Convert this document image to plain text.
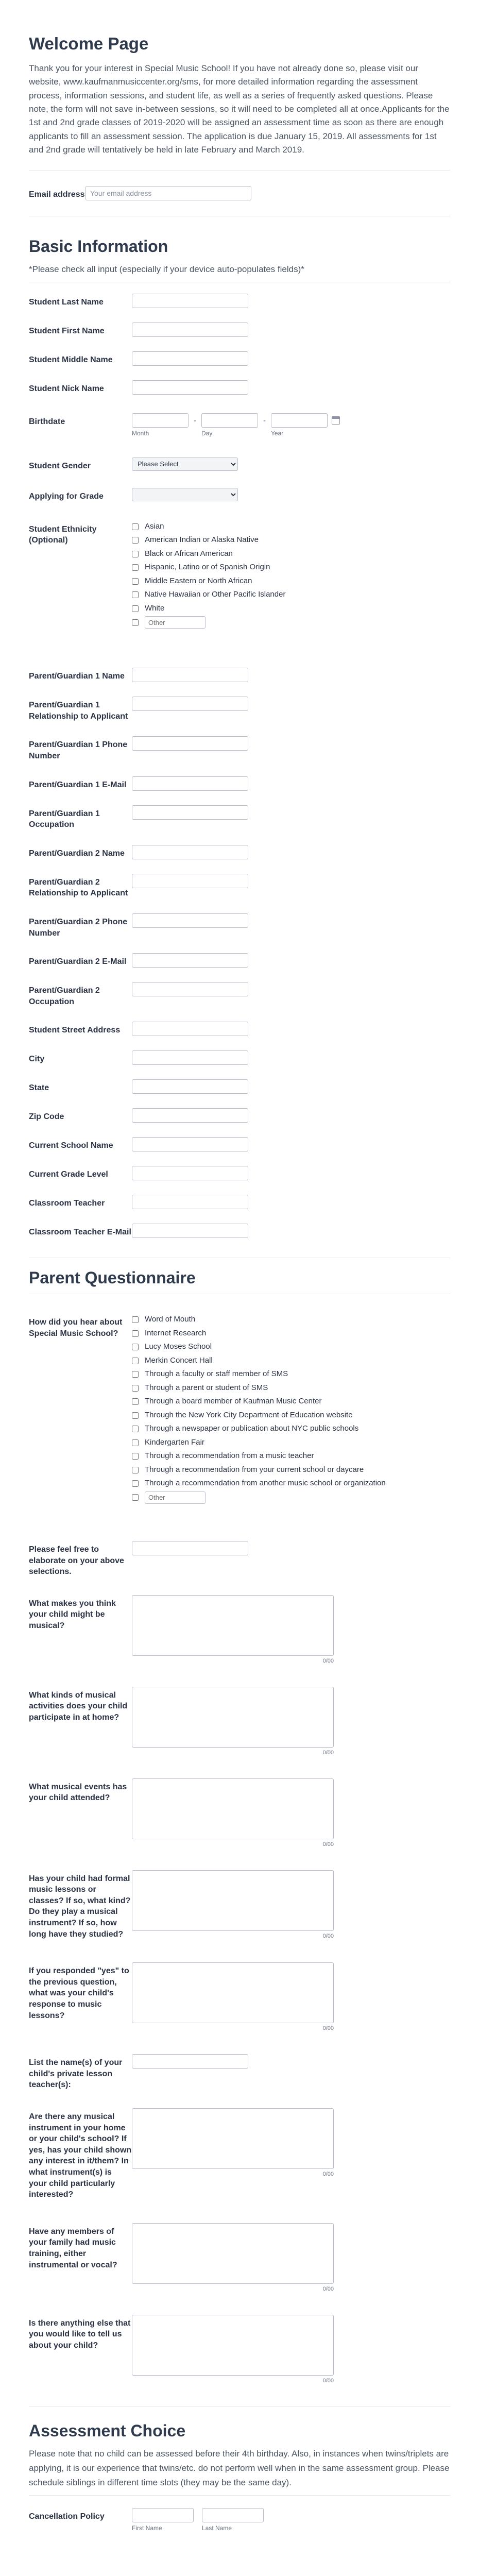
Welcome Page

Thank you for your interest in Special Music School! If you have not already done so, please visit our website, www.kaufmanmusiccenter.org/sms, for more detailed information regarding the assessment process, information sessions, and student life, as well as a series of frequently asked questions. Please note, the form will not save in-between sessions, so it will need to be completed all at once.Applicants for the 1st and 2nd grade classes of 2019-2020 will be assigned an assessment time as soon as there are enough applicants to fill an assessment session. The application is due January 15, 2019. All assessments for 1st and 2nd grade will tentatively be held in late February and March 2019.

Email address
Your email address
Basic Information

*Please check all input (especially if your device auto-populates fields)*

Student Last Name
Student First Name
Student Middle Name
Student Nick Name
Birthdate
Month
-
Day
-
Year
Student Gender
Please Select
Applying for Grade
Student Ethnicity (Optional)
Asian
American Indian or Alaska Native
Black or African American
Hispanic, Latino or of Spanish Origin
Middle Eastern or North African
Native Hawaiian or Other Pacific Islander
White
Other
Parent/Guardian 1 Name
Parent/Guardian 1 Relationship to Applicant
Parent/Guardian 1 Phone Number
Parent/Guardian 1 E-Mail
Parent/Guardian 1 Occupation
Parent/Guardian 2 Name
Parent/Guardian 2 Relationship to Applicant
Parent/Guardian 2 Phone Number
Parent/Guardian 2 E-Mail
Parent/Guardian 2 Occupation
Student Street Address
City
State
Zip Code
Current School Name
Current Grade Level
Classroom Teacher
Classroom Teacher E-Mail
Parent Questionnaire
How did you hear about Special Music School?
Word of Mouth
Internet Research
Lucy Moses School
Merkin Concert Hall
Through a faculty or staff member of SMS
Through a parent or student of SMS
Through a board member of Kaufman Music Center
Through the New York City Department of Education website
Through a newspaper or publication about NYC public schools
Kindergarten Fair
Through a recommendation from a music teacher
Through a recommendation from your current school or daycare
Through a recommendation from another music school or organization
Other
Please feel free to elaborate on your above selections.
What makes you think your child might be musical?
0/00
What kinds of musical activities does your child participate in at home?
0/00
What musical events has your child attended?
0/00
Has your child had formal music lessons or classes? If so, what kind? Do they play a musical instrument? If so, how long have they studied?	0/00
If you responded "yes" to the previous question, what was your child's response to music lessons?
0/00
List the name(s) of your child's private lesson teacher(s):
Are there any musical instrument in your home or your child's school? If yes, has your child shown any interest in it/them? In what instrument(s) is your child particularly interested?
0/00
Have any members of your family had music training, either instrumental or vocal?
0/00
Is there anything else that you would like to tell us about your child?
0/00
Assessment Choice

Please note that no child can be assessed before their 4th birthday. Also, in instances when twins/triplets are applying, it is our experience that twins/etc. do not perform well when in the same assessment group. Please schedule siblings in different time slots (they may be the same day).

Cancellation Policy
First Name	Last Name
